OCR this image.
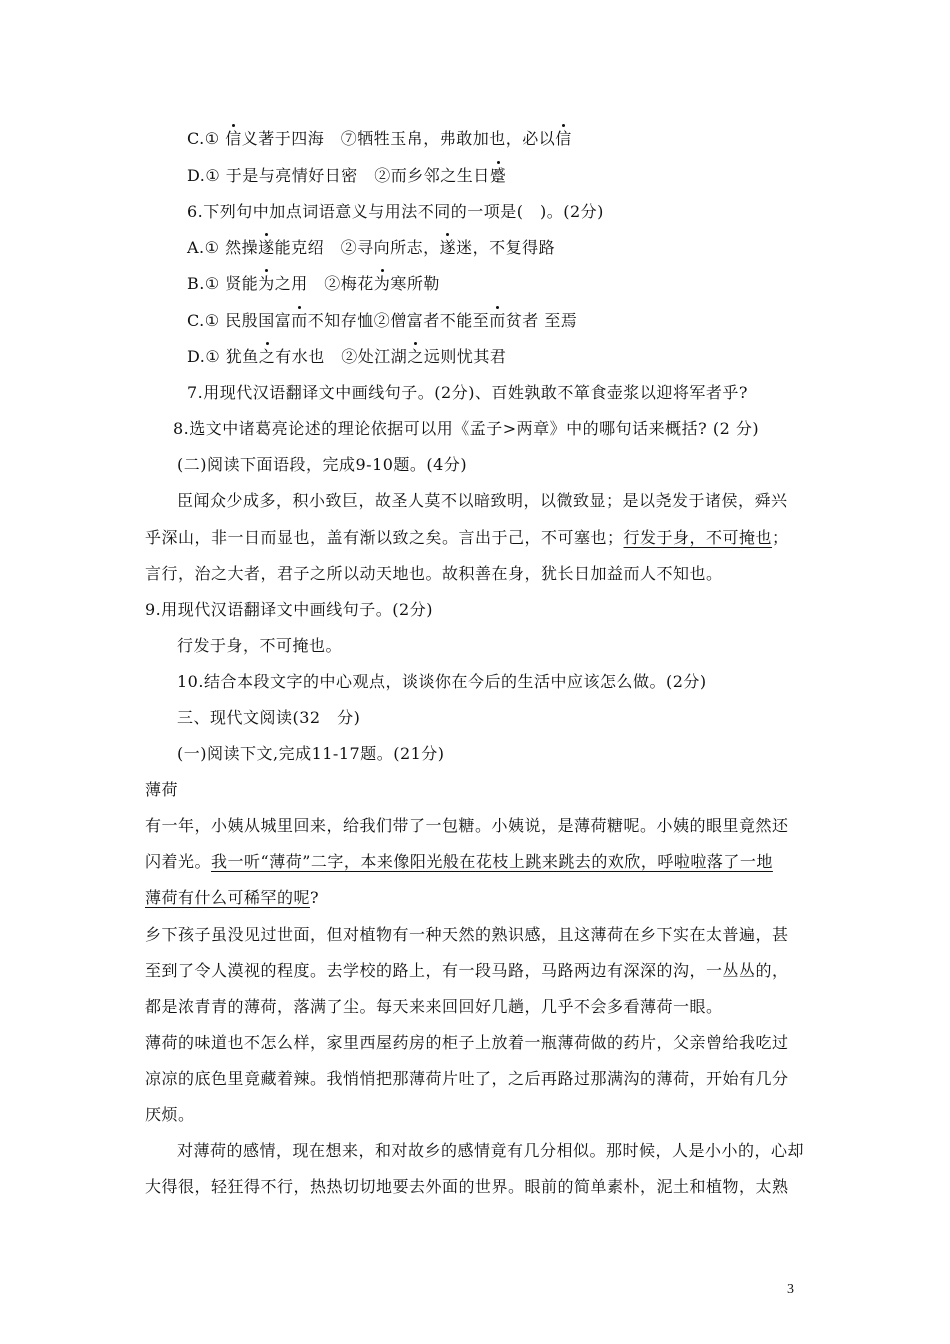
C.① 信义著于四海　⑦牺牲玉帛，弗敢加也，必以信
D.① 于是与亮情好日密　②而乡邻之生日蹙
6.下列句中加点词语意义与用法不同的一项是(　)。(2分)
A.① 然操遂能克绍　②寻向所志，遂迷，不复得路
B.① 贤能为之用　②梅花为寒所勒
C.① 民殷国富而不知存恤②僧富者不能至而贫者 至焉
D.① 犹鱼之有水也　②处江湖之远则忧其君
7.用现代汉语翻译文中画线句子。(2分)、百姓孰敢不箪食壶浆以迎将军者乎?
8.选文中诸葛亮论述的理论依据可以用《孟子>两章》中的哪句话来概括? (2 分)
(二)阅读下面语段，完成9-10题。(4分)
臣闻众少成多，积小致巨，故圣人莫不以暗致明，以微致显；是以尧发于诸侯，舜兴
乎深山，非一日而显也，盖有渐以致之矣。言出于己，不可塞也；行发于身，不可掩也；
言行，治之大者，君子之所以动天地也。故积善在身，犹长日加益而人不知也。
9.用现代汉语翻译文中画线句子。(2分)
行发于身，不可掩也。
10.结合本段文字的中心观点，谈谈你在今后的生活中应该怎么做。(2分)
三、现代文阅读(32　分)
(一)阅读下文,完成11-17题。(21分)
薄荷
有一年，小姨从城里回来，给我们带了一包糖。小姨说，是薄荷糖呢。小姨的眼里竟然还
闪着光。我一听“薄荷”二字，本来像阳光般在花枝上跳来跳去的欢欣，呼啦啦落了一地
薄荷有什么可稀罕的呢?
乡下孩子虽没见过世面，但对植物有一种天然的熟识感，且这薄荷在乡下实在太普遍，甚
至到了令人漠视的程度。去学校的路上，有一段马路，马路两边有深深的沟，一丛丛的，
都是浓青青的薄荷，落满了尘。每天来来回回好几趟，几乎不会多看薄荷一眼。
薄荷的味道也不怎么样，家里西屋药房的柜子上放着一瓶薄荷做的药片，父亲曾给我吃过
凉凉的底色里竟藏着辣。我悄悄把那薄荷片吐了，之后再路过那满沟的薄荷，开始有几分
厌烦。
对薄荷的感情，现在想来，和对故乡的感情竟有几分相似。那时候，人是小小的，心却
大得很，轻狂得不行，热热切切地要去外面的世界。眼前的简单素朴，泥土和植物，太熟
3
